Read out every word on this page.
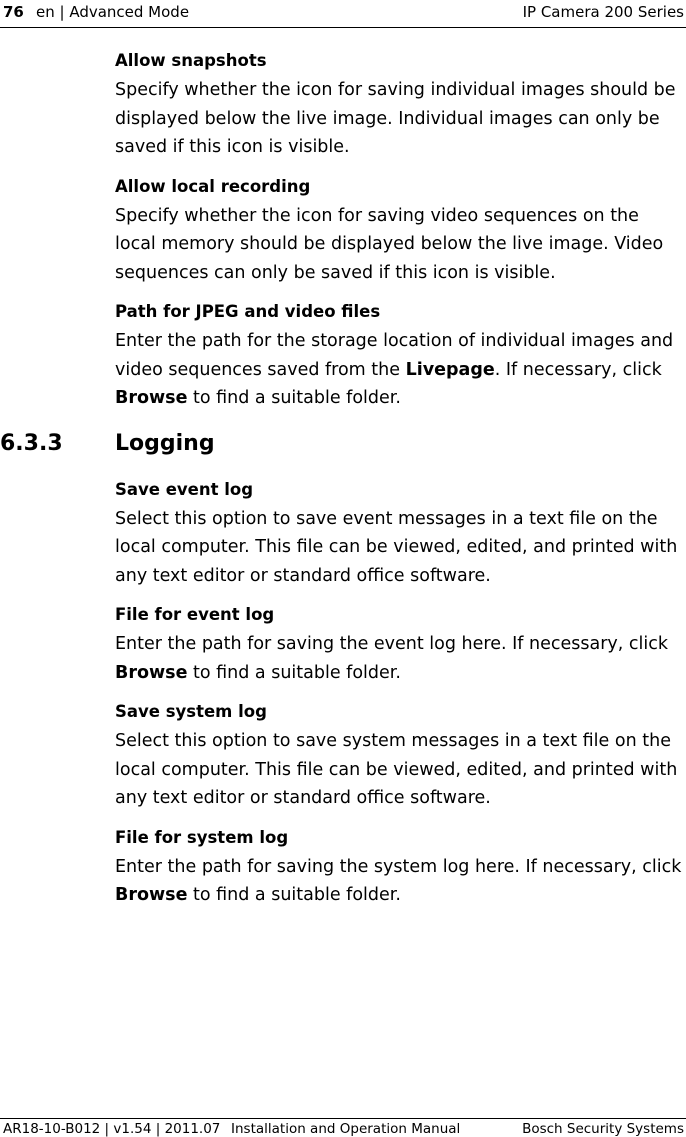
76 en | Advanced Mode	IP Camera 200 Series
Allow snapshots

Specify whether the icon for saving individual images should be displayed below the live image. Individual images can only be saved if this icon is visible.

Allow local recording

Specify whether the icon for saving video sequences on the local memory should be displayed below the live image. Video sequences can only be saved if this icon is visible.

Path for JPEG and video files

Enter the path for the storage location of individual images and video sequences saved from the Livepage. If necessary, click Browse to find a suitable folder.

6.3.3 Logging
Save event log

Select this option to save event messages in a text file on the local computer. This file can be viewed, edited, and printed with any text editor or standard office software.

File for event log

Enter the path for saving the event log here. If necessary, click Browse to find a suitable folder.

Save system log

Select this option to save system messages in a text file on the local computer. This file can be viewed, edited, and printed with any text editor or standard office software.

File for system log

Enter the path for saving the system log here. If necessary, click Browse to find a suitable folder.

AR18-10-B012 | v1.54 | 2011.07 Installation and Operation Manual	Bosch Security Systems
